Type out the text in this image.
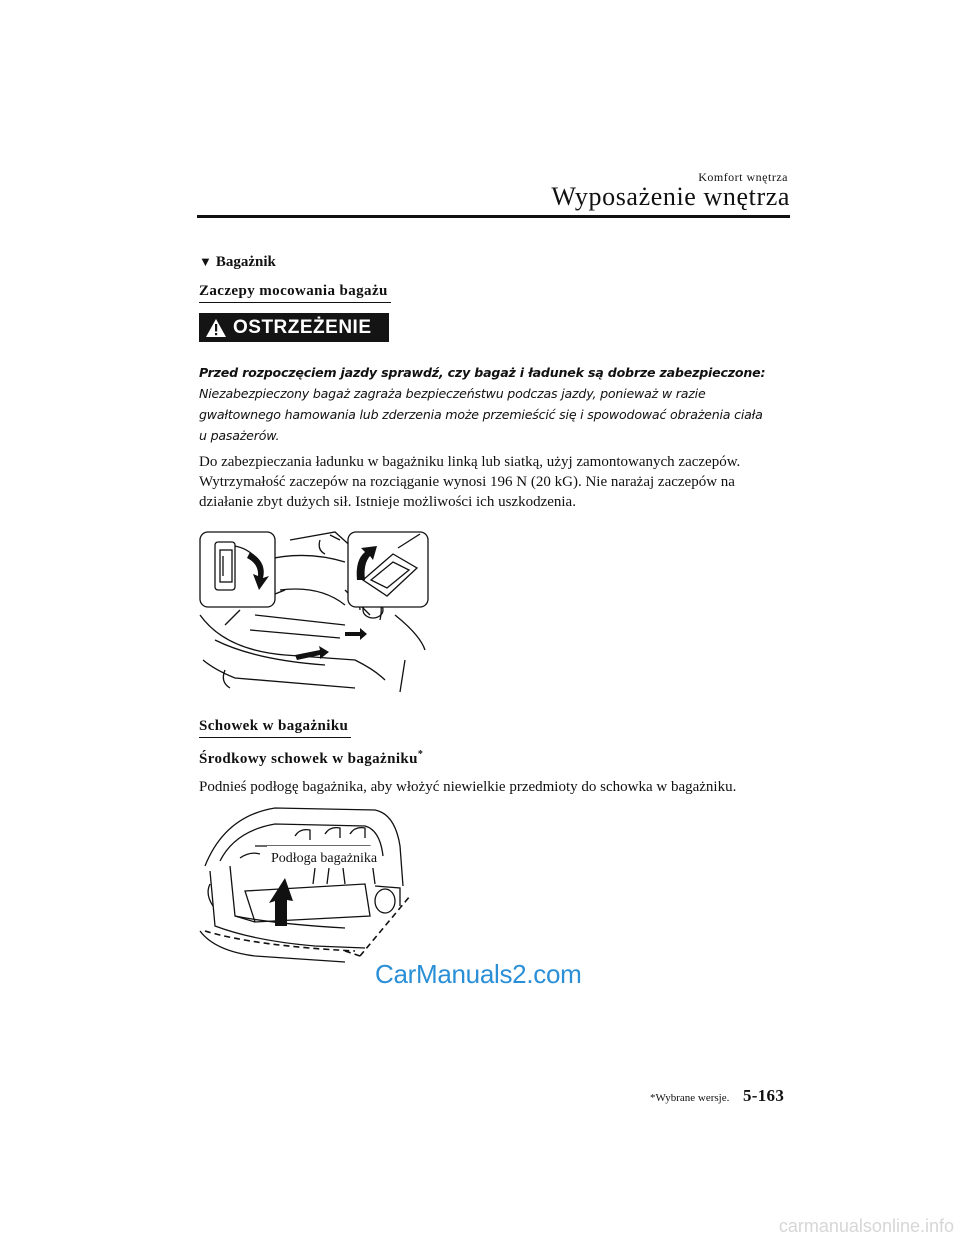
Komfort wnętrza
Wyposażenie wnętrza
▼ Bagażnik
Zaczepy mocowania bagażu
OSTRZEŻENIE
Przed rozpoczęciem jazdy sprawdź, czy bagaż i ładunek są dobrze zabezpieczone:
Niezabezpieczony bagaż zagraża bezpieczeństwu podczas jazdy, ponieważ w razie
gwałtownego hamowania lub zderzenia może przemieścić się i spowodować obrażenia ciała
u pasażerów.
Do zabezpieczania ładunku w bagażniku linką lub siatką, użyj zamontowanych zaczepów.
Wytrzymałość zaczepów na rozciąganie wynosi 196 N (20 kG). Nie narażaj zaczepów na
działanie zbyt dużych sił. Istnieje możliwości ich uszkodzenia.
Schowek w bagażniku
Środkowy schowek w bagażniku*
Podnieś podłogę bagażnika, aby włożyć niewielkie przedmioty do schowka w bagażniku.
Podłoga bagażnika
CarManuals2.com
*Wybrane wersje. 5-163
carmanualsonline.info
